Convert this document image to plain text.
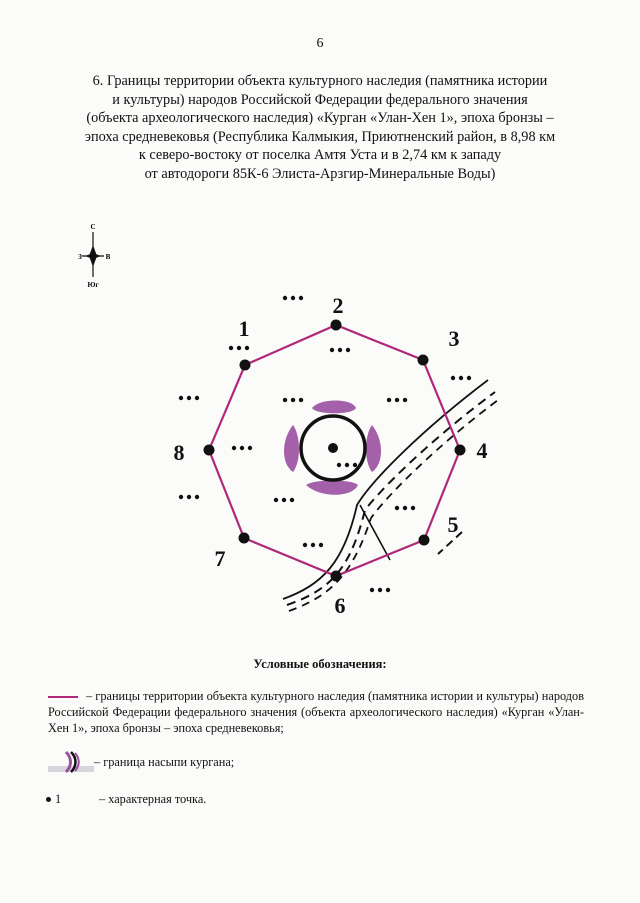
6
6. Границы территории объекта культурного наследия (памятника истории
и культуры) народов Российской Федерации федерального значения
(объекта археологического наследия) «Курган «Улан-Хен 1», эпоха бронзы –
эпоха средневековья (Республика Калмыкия, Приютненский район, в 8,98 км
к северо-востоку от поселка Амтя Уста и в 2,74 км к западу
от автодороги 85К-6 Элиста-Арзгир-Минеральные Воды)
С
З	В
Юг
1
2
3
4
5
6
7
8
Условные обозначения:
– границы территории объекта культурного наследия (памятника истории и культуры) народов Российской Федерации федерального значения (объекта археологического наследия) «Курган «Улан-Хен 1», эпоха бронзы – эпоха средневековья;
– граница насыпи кургана;
1	– характерная точка.
